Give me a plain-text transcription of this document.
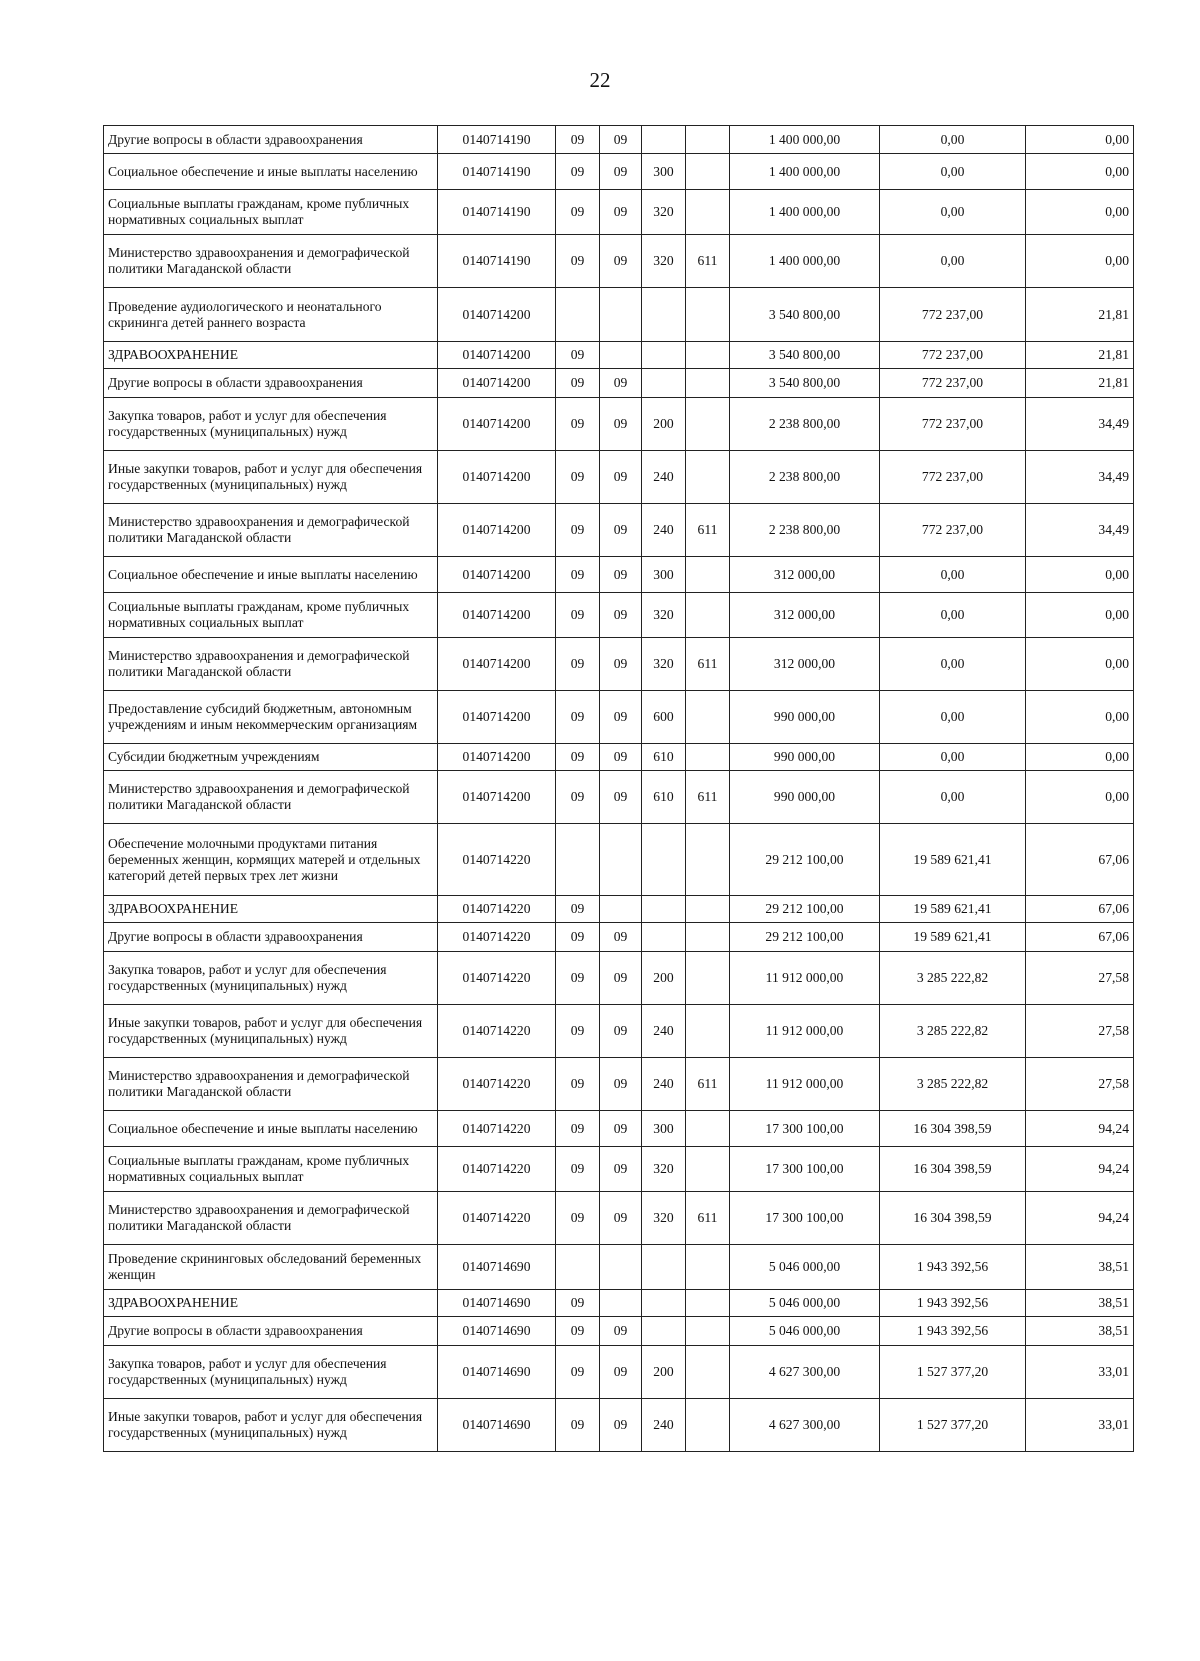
22
Другие вопросы в области здравоохранения	0140714190	09	09			1 400 000,00	0,00	0,00
Социальное обеспечение и иные выплаты населению	0140714190	09	09	300		1 400 000,00	0,00	0,00
Социальные выплаты гражданам, кроме публичных нормативных социальных выплат	0140714190	09	09	320		1 400 000,00	0,00	0,00
Министерство здравоохранения и демографической политики Магаданской области	0140714190	09	09	320	611	1 400 000,00	0,00	0,00
Проведение аудиологического и неонатального скрининга детей раннего возраста	0140714200					3 540 800,00	772 237,00	21,81
ЗДРАВООХРАНЕНИЕ	0140714200	09				3 540 800,00	772 237,00	21,81
Другие вопросы в области здравоохранения	0140714200	09	09			3 540 800,00	772 237,00	21,81
Закупка товаров, работ и услуг для обеспечения государственных (муниципальных) нужд	0140714200	09	09	200		2 238 800,00	772 237,00	34,49
Иные закупки товаров, работ и услуг для обеспечения государственных (муниципальных) нужд	0140714200	09	09	240		2 238 800,00	772 237,00	34,49
Министерство здравоохранения и демографической политики Магаданской области	0140714200	09	09	240	611	2 238 800,00	772 237,00	34,49
Социальное обеспечение и иные выплаты населению	0140714200	09	09	300		312 000,00	0,00	0,00
Социальные выплаты гражданам, кроме публичных нормативных социальных выплат	0140714200	09	09	320		312 000,00	0,00	0,00
Министерство здравоохранения и демографической политики Магаданской области	0140714200	09	09	320	611	312 000,00	0,00	0,00
Предоставление субсидий бюджетным, автономным учреждениям и иным некоммерческим организациям	0140714200	09	09	600		990 000,00	0,00	0,00
Субсидии бюджетным учреждениям	0140714200	09	09	610		990 000,00	0,00	0,00
Министерство здравоохранения и демографической политики Магаданской области	0140714200	09	09	610	611	990 000,00	0,00	0,00
Обеспечение молочными продуктами питания беременных женщин, кормящих матерей и отдельных категорий детей первых трех лет жизни	0140714220					29 212 100,00	19 589 621,41	67,06
ЗДРАВООХРАНЕНИЕ	0140714220	09				29 212 100,00	19 589 621,41	67,06
Другие вопросы в области здравоохранения	0140714220	09	09			29 212 100,00	19 589 621,41	67,06
Закупка товаров, работ и услуг для обеспечения государственных (муниципальных) нужд	0140714220	09	09	200		11 912 000,00	3 285 222,82	27,58
Иные закупки товаров, работ и услуг для обеспечения государственных (муниципальных) нужд	0140714220	09	09	240		11 912 000,00	3 285 222,82	27,58
Министерство здравоохранения и демографической политики Магаданской области	0140714220	09	09	240	611	11 912 000,00	3 285 222,82	27,58
Социальное обеспечение и иные выплаты населению	0140714220	09	09	300		17 300 100,00	16 304 398,59	94,24
Социальные выплаты гражданам, кроме публичных нормативных социальных выплат	0140714220	09	09	320		17 300 100,00	16 304 398,59	94,24
Министерство здравоохранения и демографической политики Магаданской области	0140714220	09	09	320	611	17 300 100,00	16 304 398,59	94,24
Проведение скрининговых обследований беременных женщин	0140714690					5 046 000,00	1 943 392,56	38,51
ЗДРАВООХРАНЕНИЕ	0140714690	09				5 046 000,00	1 943 392,56	38,51
Другие вопросы в области здравоохранения	0140714690	09	09			5 046 000,00	1 943 392,56	38,51
Закупка товаров, работ и услуг для обеспечения государственных (муниципальных) нужд	0140714690	09	09	200		4 627 300,00	1 527 377,20	33,01
Иные закупки товаров, работ и услуг для обеспечения государственных (муниципальных) нужд	0140714690	09	09	240		4 627 300,00	1 527 377,20	33,01
